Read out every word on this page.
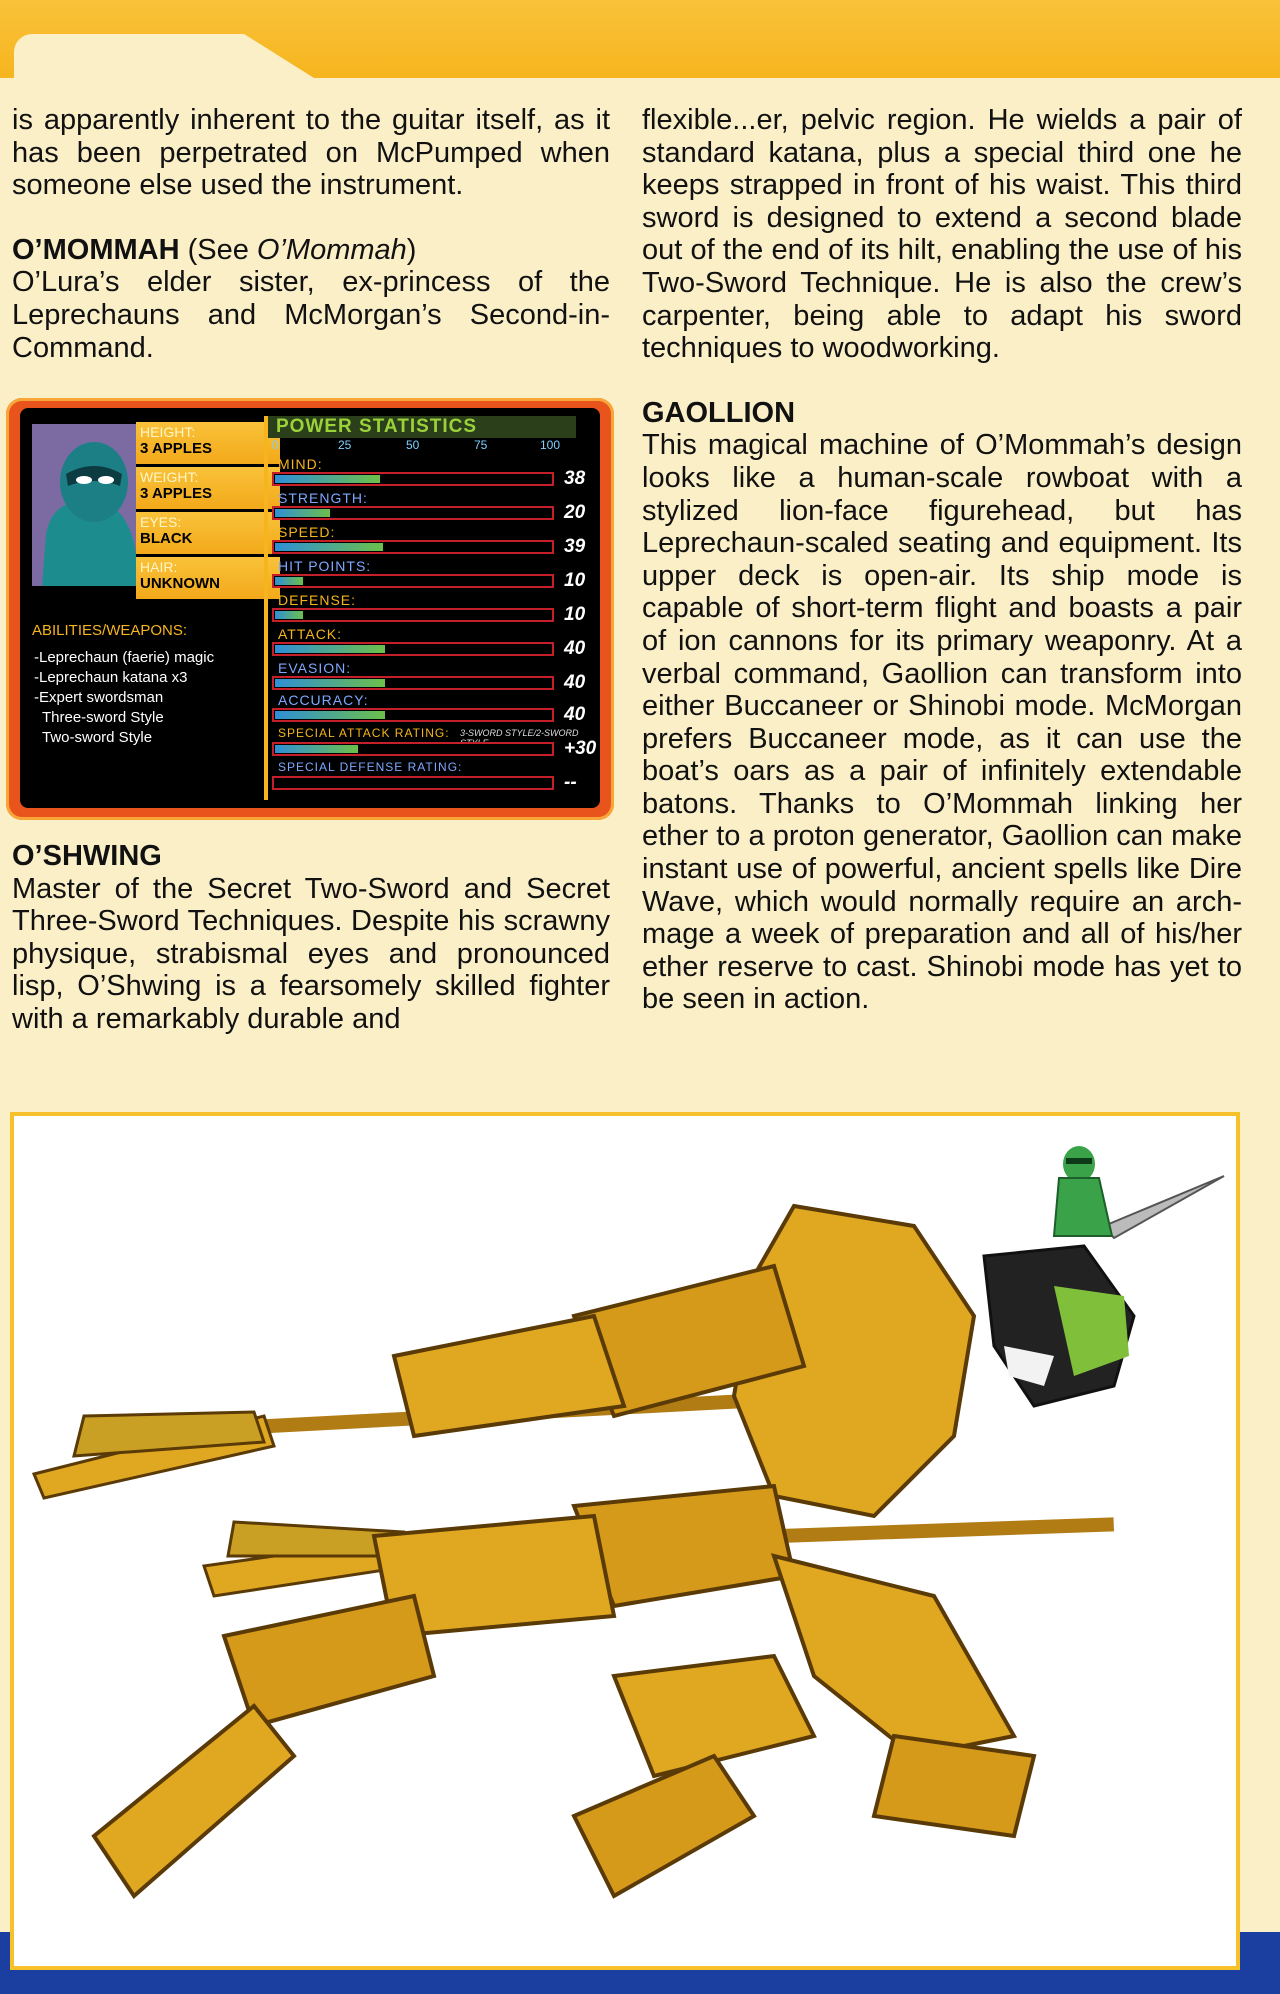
is apparently inherent to the guitar itself, as it has been perpetrated on McPumped when someone else used the instrument.

O’MOMMAH (See O’Mommah)

O’Lura’s elder sister, ex-princess of the Leprechauns and McMorgan’s Second-in-Command.

HEIGHT:
3 APPLES
WEIGHT:
3 APPLES
EYES:
BLACK
HAIR:
UNKNOWN
ABILITIES/WEAPONS:
-Leprechaun (faerie) magic
-Leprechaun katana x3
-Expert swordsman
Three-sword Style
Two-sword Style
POWER STATISTICS
0	25	50	75	100
MIND:
38
STRENGTH:
20
SPEED:
39
HIT POINTS:
10
DEFENSE:
10
ATTACK:
40
EVASION:
40
ACCURACY:
40
SPECIAL ATTACK RATING: 3-SWORD STYLE/2-SWORD
+30
SPECIAL DEFENSE RATING:
--
O’SHWING

Master of the Secret Two-Sword and Secret Three-Sword Techniques. Despite his scrawny physique, strabismal eyes and pronounced lisp, O’Shwing is a fearsomely skilled fighter with a remarkably durable and

flexible...er, pelvic region. He wields a pair of standard katana, plus a special third one he keeps strapped in front of his waist. This third sword is designed to extend a second blade out of the end of its hilt, enabling the use of his Two-Sword Technique. He is also the crew’s carpenter, being able to adapt his sword techniques to woodworking.

GAOLLION

This magical machine of O’Mommah’s design looks like a human-scale rowboat with a stylized lion-face figurehead, but has Leprechaun-scaled seating and equipment. Its upper deck is open-air. Its ship mode is capable of short-term flight and boasts a pair of ion cannons for its primary weaponry. At a verbal command, Gaollion can transform into either Buccaneer or Shinobi mode. McMorgan prefers Buccaneer mode, as it can use the boat’s oars as a pair of infinitely extendable batons. Thanks to O’Mommah linking her ether to a proton generator, Gaollion can make instant use of powerful, ancient spells like Dire Wave, which would normally require an arch-mage a week of preparation and all of his/her ether reserve to cast. Shinobi mode has yet to be seen in action.
